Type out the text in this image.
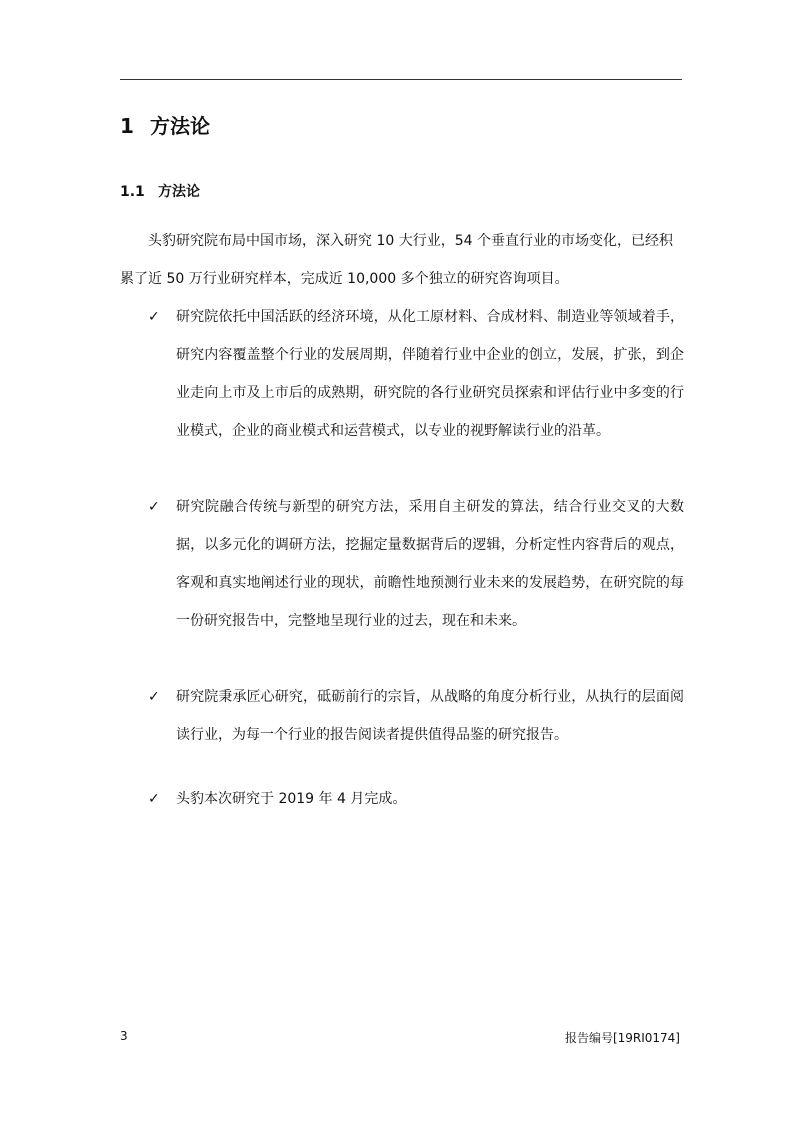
1 方法论
1.1 方法论

头豹研究院布局中国市场，深入研究 10 大行业，54 个垂直行业的市场变化，已经积累了近 50 万行业研究样本，完成近 10,000 多个独立的研究咨询项目。

✓ 研究院依托中国活跃的经济环境，从化工原材料、合成材料、制造业等领域着手，研究内容覆盖整个行业的发展周期，伴随着行业中企业的创立，发展，扩张，到企业走向上市及上市后的成熟期，研究院的各行业研究员探索和评估行业中多变的行业模式，企业的商业模式和运营模式，以专业的视野解读行业的沿革。
✓ 研究院融合传统与新型的研究方法，采用自主研发的算法，结合行业交叉的大数据，以多元化的调研方法，挖掘定量数据背后的逻辑，分析定性内容背后的观点，客观和真实地阐述行业的现状，前瞻性地预测行业未来的发展趋势，在研究院的每一份研究报告中，完整地呈现行业的过去，现在和未来。
✓ 研究院秉承匠心研究，砥砺前行的宗旨，从战略的角度分析行业，从执行的层面阅读行业，为每一个行业的报告阅读者提供值得品鉴的研究报告。
✓ 头豹本次研究于 2019 年 4 月完成。
3	报告编号[19RI0174]
